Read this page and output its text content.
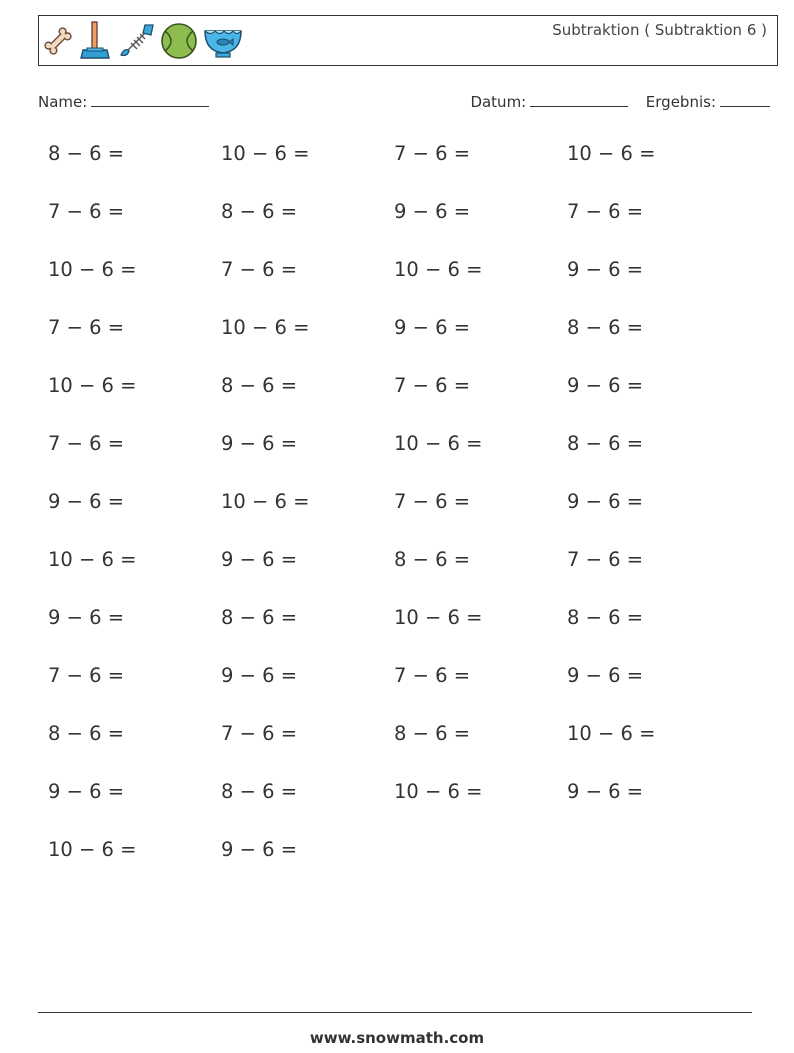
Subtraktion ( Subtraktion 6 )
Name:	Datum:	Ergebnis:
8 − 6 =	10 − 6 =	7 − 6 =	10 − 6 =
7 − 6 =	8 − 6 =	9 − 6 =	7 − 6 =
10 − 6 =	7 − 6 =	10 − 6 =	9 − 6 =
7 − 6 =	10 − 6 =	9 − 6 =	8 − 6 =
10 − 6 =	8 − 6 =	7 − 6 =	9 − 6 =
7 − 6 =	9 − 6 =	10 − 6 =	8 − 6 =
9 − 6 =	10 − 6 =	7 − 6 =	9 − 6 =
10 − 6 =	9 − 6 =	8 − 6 =	7 − 6 =
9 − 6 =	8 − 6 =	10 − 6 =	8 − 6 =
7 − 6 =	9 − 6 =	7 − 6 =	9 − 6 =
8 − 6 =	7 − 6 =	8 − 6 =	10 − 6 =
9 − 6 =	8 − 6 =	10 − 6 =	9 − 6 =
10 − 6 =	9 − 6 =
www.snowmath.com
